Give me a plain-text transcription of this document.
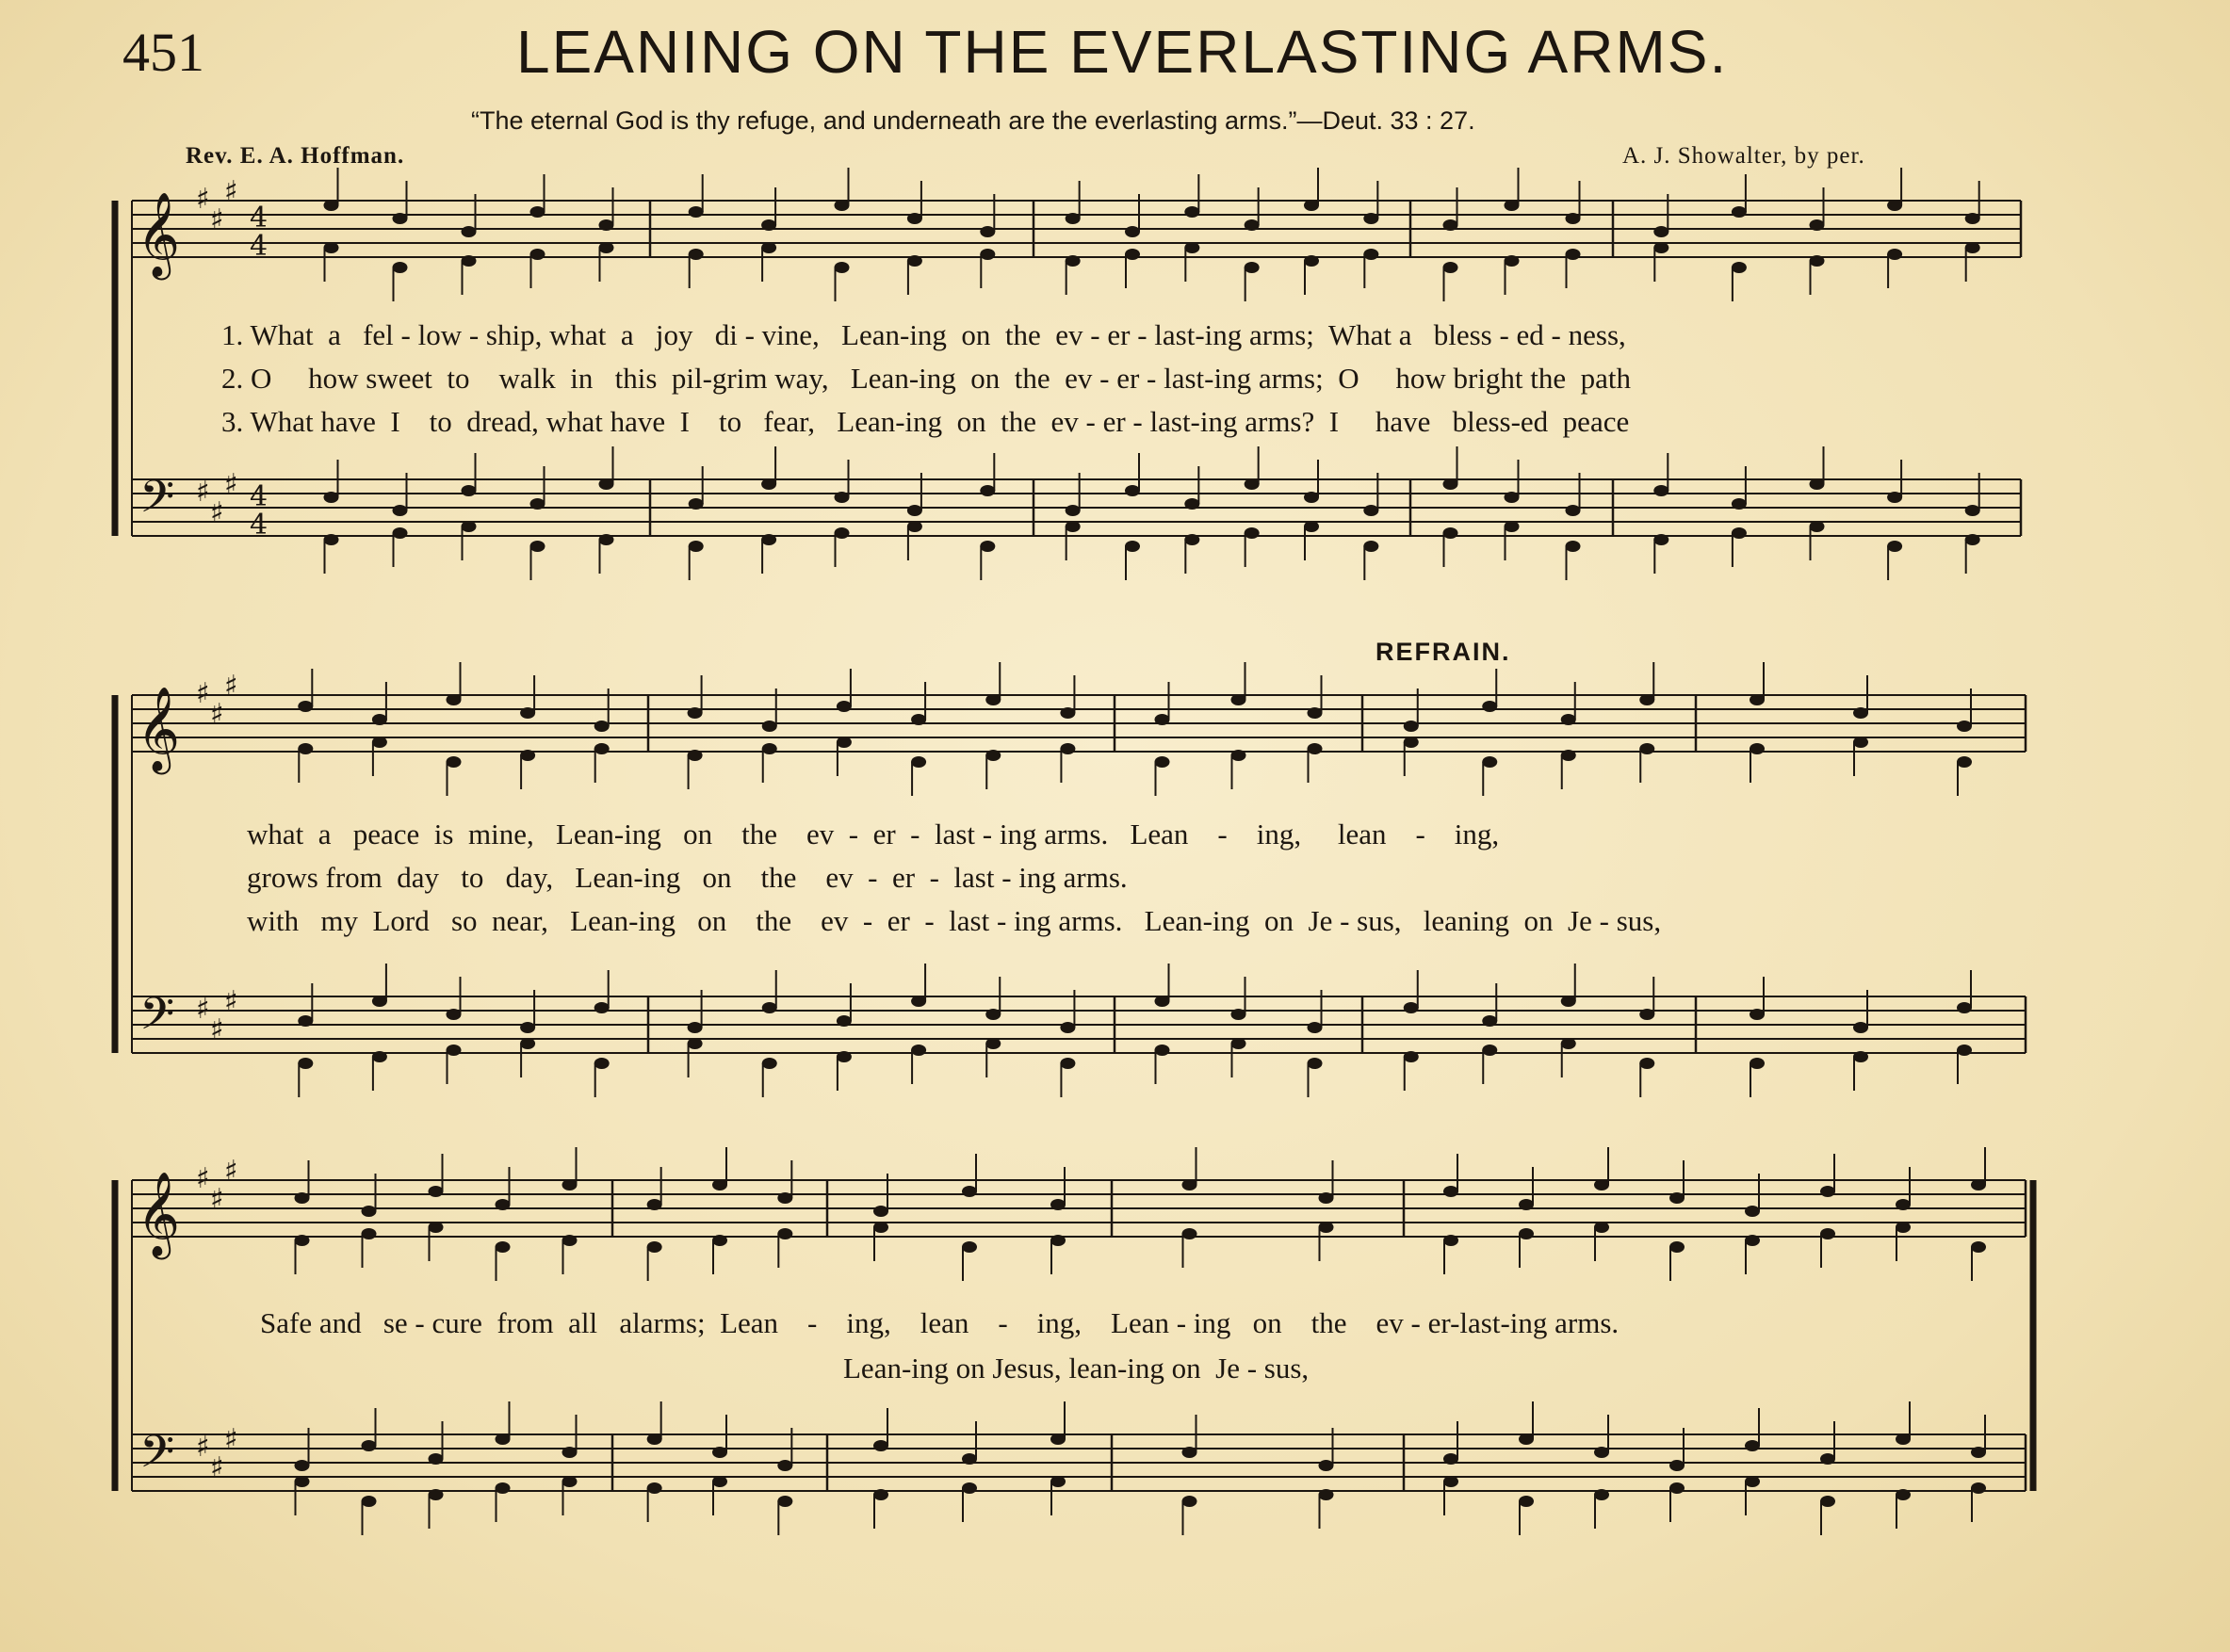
451	LEANING ON THE EVERLASTING ARMS.
“The eternal God is thy refuge, and underneath are the everlasting arms.”—Deut. 33 : 27.
Rev. E. A. Hoffman.	A. J. Showalter, by per.
REFRAIN.
1. What  a   fel - low - ship, what  a   joy   di - vine,   Lean-ing  on  the  ev - er - last-ing arms;  What a   bless - ed - ness,
2. O     how sweet  to    walk  in   this  pil-grim way,   Lean-ing  on  the  ev - er - last-ing arms;  O     how bright the  path
3. What have  I    to  dread, what have  I    to   fear,   Lean-ing  on  the  ev - er - last-ing arms?  I     have   bless-ed  peace
what  a   peace  is  mine,   Lean-ing   on    the    ev  -  er  -  last - ing arms.   Lean    -    ing,     lean    -    ing,
grows from  day   to   day,   Lean-ing   on    the    ev  -  er  -  last - ing arms.
with   my  Lord   so  near,   Lean-ing   on    the    ev  -  er  -  last - ing arms.   Lean-ing  on  Je - sus,   leaning  on  Je - sus,
Safe and   se - cure  from  all   alarms;  Lean    -    ing,    lean    -    ing,    Lean - ing   on    the    ev - er-last-ing arms.
Lean-ing on Jesus, lean-ing on  Je - sus,
𝄞
𝄢
♯
♯
♯
♯
♯
♯
4
4
4
4
𝄞
𝄢
♯
♯
♯
♯
♯
♯
𝄞
𝄢
♯
♯
♯
♯
♯
♯
